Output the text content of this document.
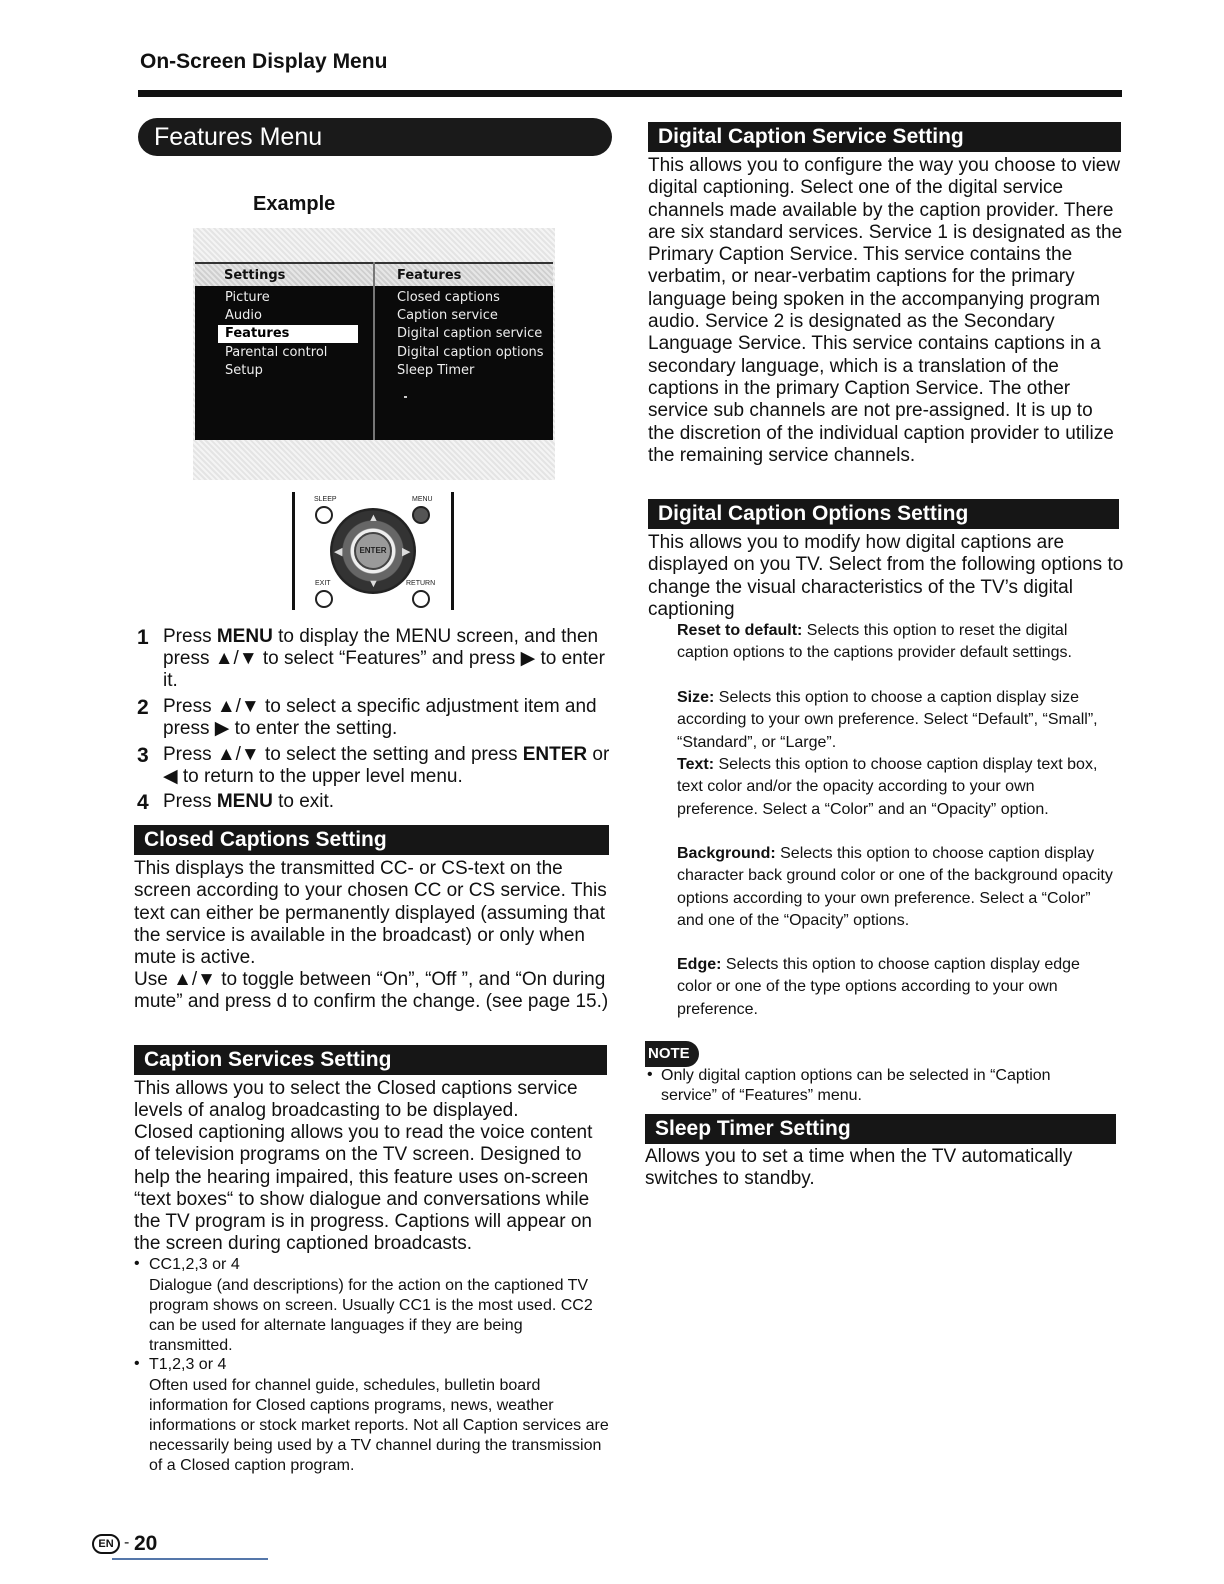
On-Screen Display Menu
Features Menu
Example
Settings	Features
Picture
Audio
Features
Parental control
Setup
Closed captions
Caption service
Digital caption service
Digital caption options
Sleep Timer
SLEEP	MENU
▲
▼
◀	▶
ENTER
EXIT	RETURN
1 Press MENU to display the MENU screen, and then press ▲/▼ to select “Features” and press ▶ to enter it.
2 Press ▲/▼ to select a specific adjustment item and press ▶ to enter the setting.
3 Press ▲/▼ to select the setting and press ENTER or ◀ to return to the upper level menu.
4 Press MENU to exit.
Closed Captions Setting
This displays the transmitted CC- or CS-text on the screen according to your chosen CC or CS service. This text can either be permanently displayed (assuming that the service is available in the broadcast) or only when mute is active.
Use ▲/▼ to toggle between “On”, “Off ”, and “On during mute” and press d to confirm the change. (see page 15.)
Caption Services Setting
This allows you to select the Closed captions service levels of analog broadcasting to be displayed.
Closed captioning allows you to read the voice content of television programs on the TV screen. Designed to help the hearing impaired, this feature uses on-screen “text boxes“ to show dialogue and conversations while the TV program is in progress. Captions will appear on the screen during captioned broadcasts.
• CC1,2,3 or 4
Dialogue (and descriptions) for the action on the captioned TV program shows on screen. Usually CC1 is the most used. CC2 can be used for alternate languages if they are being transmitted.
• T1,2,3 or 4
Often used for channel guide, schedules, bulletin board information for Closed captions programs, news, weather informations or stock market reports. Not all Caption services are necessarily being used by a TV channel during the transmission of a Closed caption program.
Digital Caption Service Setting
This allows you to configure the way you choose to view digital captioning. Select one of the digital service channels made available by the caption provider. There are six standard services. Service 1 is designated as the Primary Caption Service. This service contains the verbatim, or near-verbatim captions for the primary language being spoken in the accompanying program audio. Service 2 is designated as the Secondary Language Service. This service contains captions in a secondary language, which is a translation of the captions in the primary Caption Service. The other service sub channels are not pre-assigned. It is up to the discretion of the individual caption provider to utilize the remaining service channels.
Digital Caption Options Setting
This allows you to modify how digital captions are displayed on you TV. Select from the following options to change the visual characteristics of the TV’s digital captioning
Reset to default: Selects this option to reset the digital caption options to the captions provider default settings.
Size: Selects this option to choose a caption display size according to your own preference. Select “Default”, “Small”, “Standard”, or “Large”.
Text: Selects this option to choose caption display text box, text color and/or the opacity according to your own preference. Select a “Color” and an “Opacity” option.
Background: Selects this option to choose caption display character back ground color or one of the background opacity options according to your own preference. Select a “Color” and one of the “Opacity” options.
Edge: Selects this option to choose caption display edge color or one of the type options according to your own preference.
NOTE
• Only digital caption options can be selected in “Caption service” of “Features” menu.
Sleep Timer Setting
Allows you to set a time when the TV automatically switches to standby.
EN - 20
